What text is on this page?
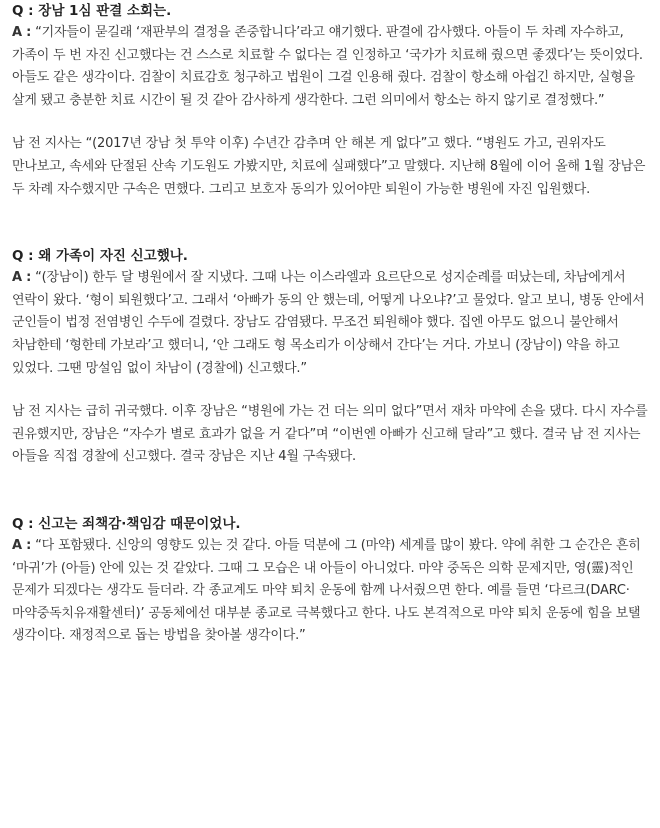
Q : 장남 1심 판결 소회는.

A : “기자들이 묻길래 ‘재판부의 결정을 존중합니다’라고 얘기했다. 판결에 감사했다. 아들이 두 차례 자수하고, 가족이 두 번 자진 신고했다는 건 스스로 치료할 수 없다는 걸 인정하고 ‘국가가 치료해 줬으면 좋겠다’는 뜻이었다. 아들도 같은 생각이다. 검찰이 치료감호 청구하고 법원이 그걸 인용해 줬다. 검찰이 항소해 아쉽긴 하지만, 실형을 살게 됐고 충분한 치료 시간이 될 것 같아 감사하게 생각한다. 그런 의미에서 항소는 하지 않기로 결정했다.”

남 전 지사는 “(2017년 장남 첫 투약 이후) 수년간 감추며 안 해본 게 없다”고 했다. “병원도 가고, 권위자도 만나보고, 속세와 단절된 산속 기도원도 가봤지만, 치료에 실패했다”고 말했다. 지난해 8월에 이어 올해 1월 장남은 두 차례 자수했지만 구속은 면했다. 그리고 보호자 동의가 있어야만 퇴원이 가능한 병원에 자진 입원했다.

Q : 왜 가족이 자진 신고했나.

A : “(장남이) 한두 달 병원에서 잘 지냈다. 그때 나는 이스라엘과 요르단으로 성지순례를 떠났는데, 차남에게서 연락이 왔다. ‘형이 퇴원했다’고. 그래서 ‘아빠가 동의 안 했는데, 어떻게 나오냐?’고 물었다. 알고 보니, 병동 안에서 군인들이 법정 전염병인 수두에 걸렸다. 장남도 감염됐다. 무조건 퇴원해야 했다. 집엔 아무도 없으니 불안해서 차남한테 ‘형한테 가보라’고 했더니, ‘안 그래도 형 목소리가 이상해서 간다’는 거다. 가보니 (장남이) 약을 하고 있었다. 그땐 망설임 없이 차남이 (경찰에) 신고했다.”

남 전 지사는 급히 귀국했다. 이후 장남은 “병원에 가는 건 더는 의미 없다”면서 재차 마약에 손을 댔다. 다시 자수를 권유했지만, 장남은 “자수가 별로 효과가 없을 거 같다”며 “이번엔 아빠가 신고해 달라”고 했다. 결국 남 전 지사는 아들을 직접 경찰에 신고했다. 결국 장남은 지난 4월 구속됐다.

Q : 신고는 죄책감·책임감 때문이었나.

A : “다 포함됐다. 신앙의 영향도 있는 것 같다. 아들 덕분에 그 (마약) 세계를 많이 봤다. 약에 취한 그 순간은 흔히 ‘마귀’가 (아들) 안에 있는 것 같았다. 그때 그 모습은 내 아들이 아니었다. 마약 중독은 의학 문제지만, 영(靈)적인 문제가 되겠다는 생각도 들더라. 각 종교계도 마약 퇴치 운동에 함께 나서줬으면 한다. 예를 들면 ‘다르크(DARC·마약중독치유재활센터)’ 공동체에선 대부분 종교로 극복했다고 한다. 나도 본격적으로 마약 퇴치 운동에 힘을 보탤 생각이다. 재정적으로 돕는 방법을 찾아볼 생각이다.”
